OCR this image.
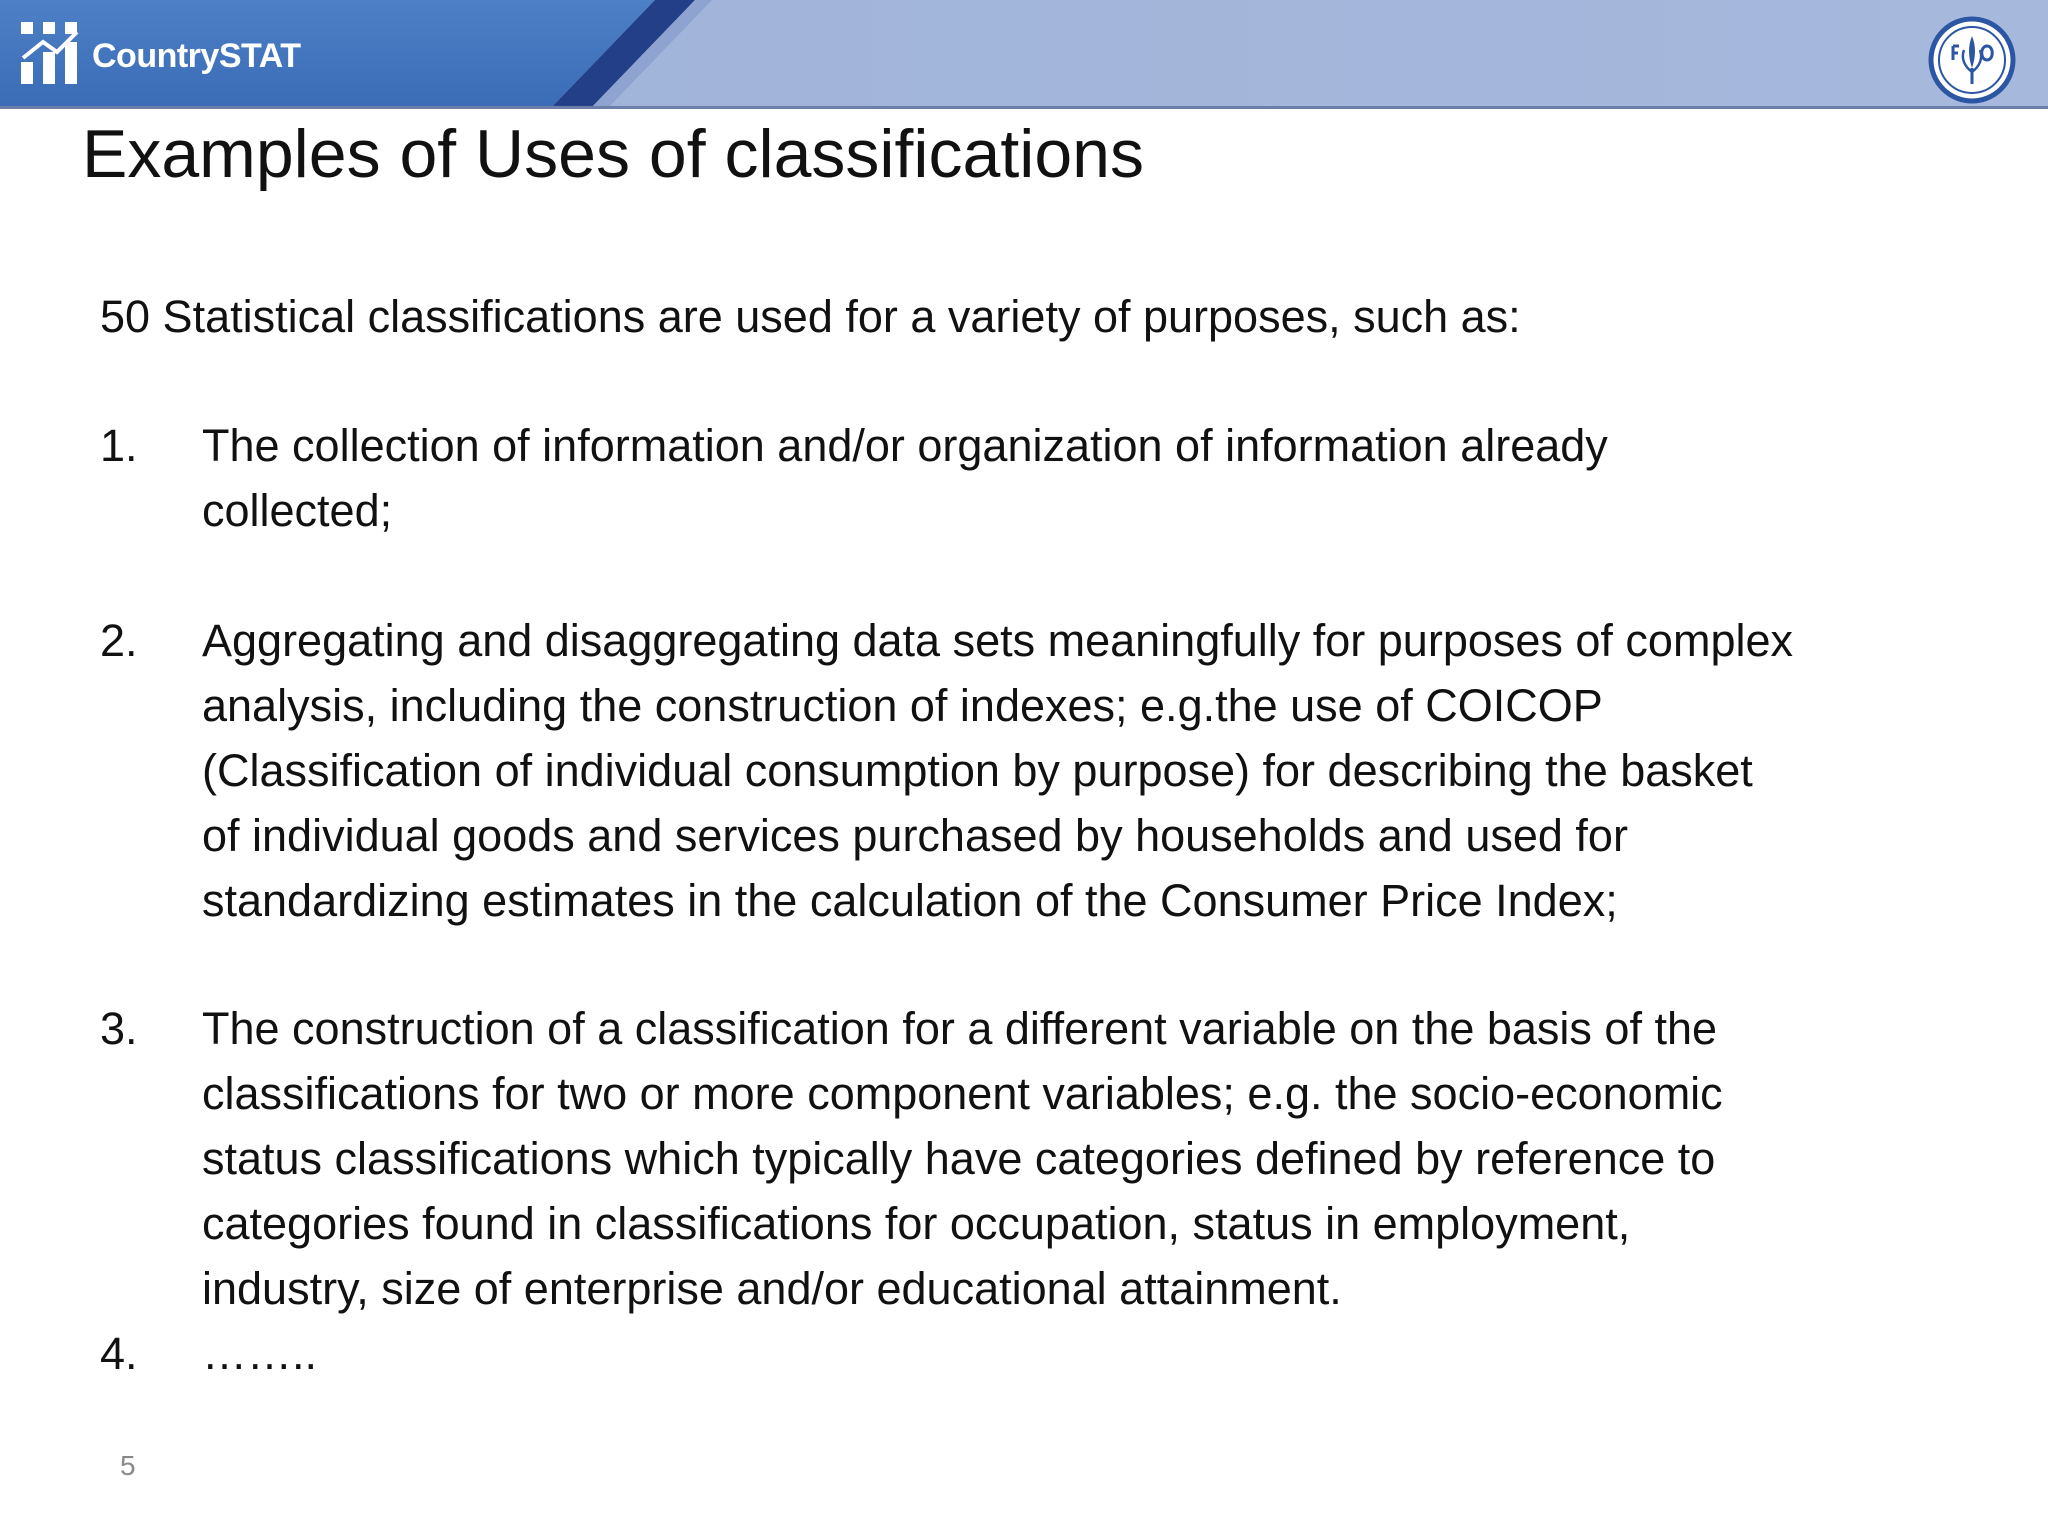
CountrySTAT
Examples of Uses of classifications

50 Statistical classifications are used for a variety of purposes, such as:

1.	The collection of information and/or organization of information already
collected;
2.	Aggregating and disaggregating data sets meaningfully for purposes of complex
analysis, including the construction of indexes; e.g.the use of COICOP
(Classification of individual consumption by purpose) for describing the basket
of individual goods and services purchased by households and used for
standardizing estimates in the calculation of the Consumer Price Index;
3.	The construction of a classification for a different variable on the basis of the
classifications for two or more component variables; e.g. the socio-economic
status classifications which typically have categories defined by reference to
categories found in classifications for occupation, status in employment,
industry, size of enterprise and/or educational attainment.
4.	……..
5
